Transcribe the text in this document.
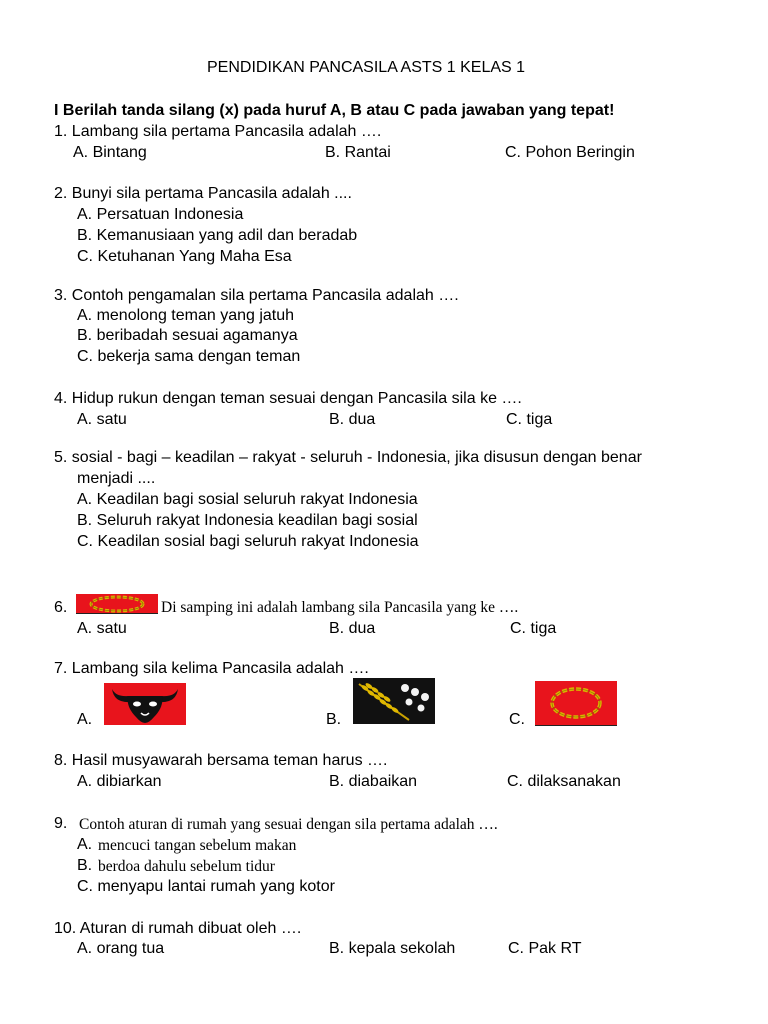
PENDIDIKAN PANCASILA ASTS 1 KELAS 1
I Berilah tanda silang (x) pada huruf A, B atau C pada jawaban yang tepat!
1. Lambang sila pertama Pancasila adalah ….
A. Bintang	B. Rantai	C. Pohon Beringin
2. Bunyi sila pertama Pancasila adalah ....
A. Persatuan Indonesia
B. Kemanusiaan yang adil dan beradab
C. Ketuhanan Yang Maha Esa
3. Contoh pengamalan sila pertama Pancasila adalah ….
A. menolong teman yang jatuh
B. beribadah sesuai agamanya
C. bekerja sama dengan teman
4. Hidup rukun dengan teman sesuai dengan Pancasila sila ke ….
A. satu	B. dua	C. tiga
5. sosial - bagi – keadilan – rakyat - seluruh - Indonesia, jika disusun dengan benar
menjadi ....
A. Keadilan bagi sosial seluruh rakyat Indonesia
B. Seluruh rakyat Indonesia keadilan bagi sosial
C. Keadilan sosial bagi seluruh rakyat Indonesia
6.	Di samping ini adalah lambang sila Pancasila yang ke ….
A. satu	B. dua	C. tiga
7. Lambang sila kelima Pancasila adalah ….
A.	B.	C.
8. Hasil musyawarah bersama teman harus ….
A. dibiarkan	B. diabaikan	C. dilaksanakan
9. Contoh aturan di rumah yang sesuai dengan sila pertama adalah ….
A. mencuci tangan sebelum makan
B. berdoa dahulu sebelum tidur
C. menyapu lantai rumah yang kotor
10. Aturan di rumah dibuat oleh ….
A. orang tua	B. kepala sekolah	C. Pak RT
